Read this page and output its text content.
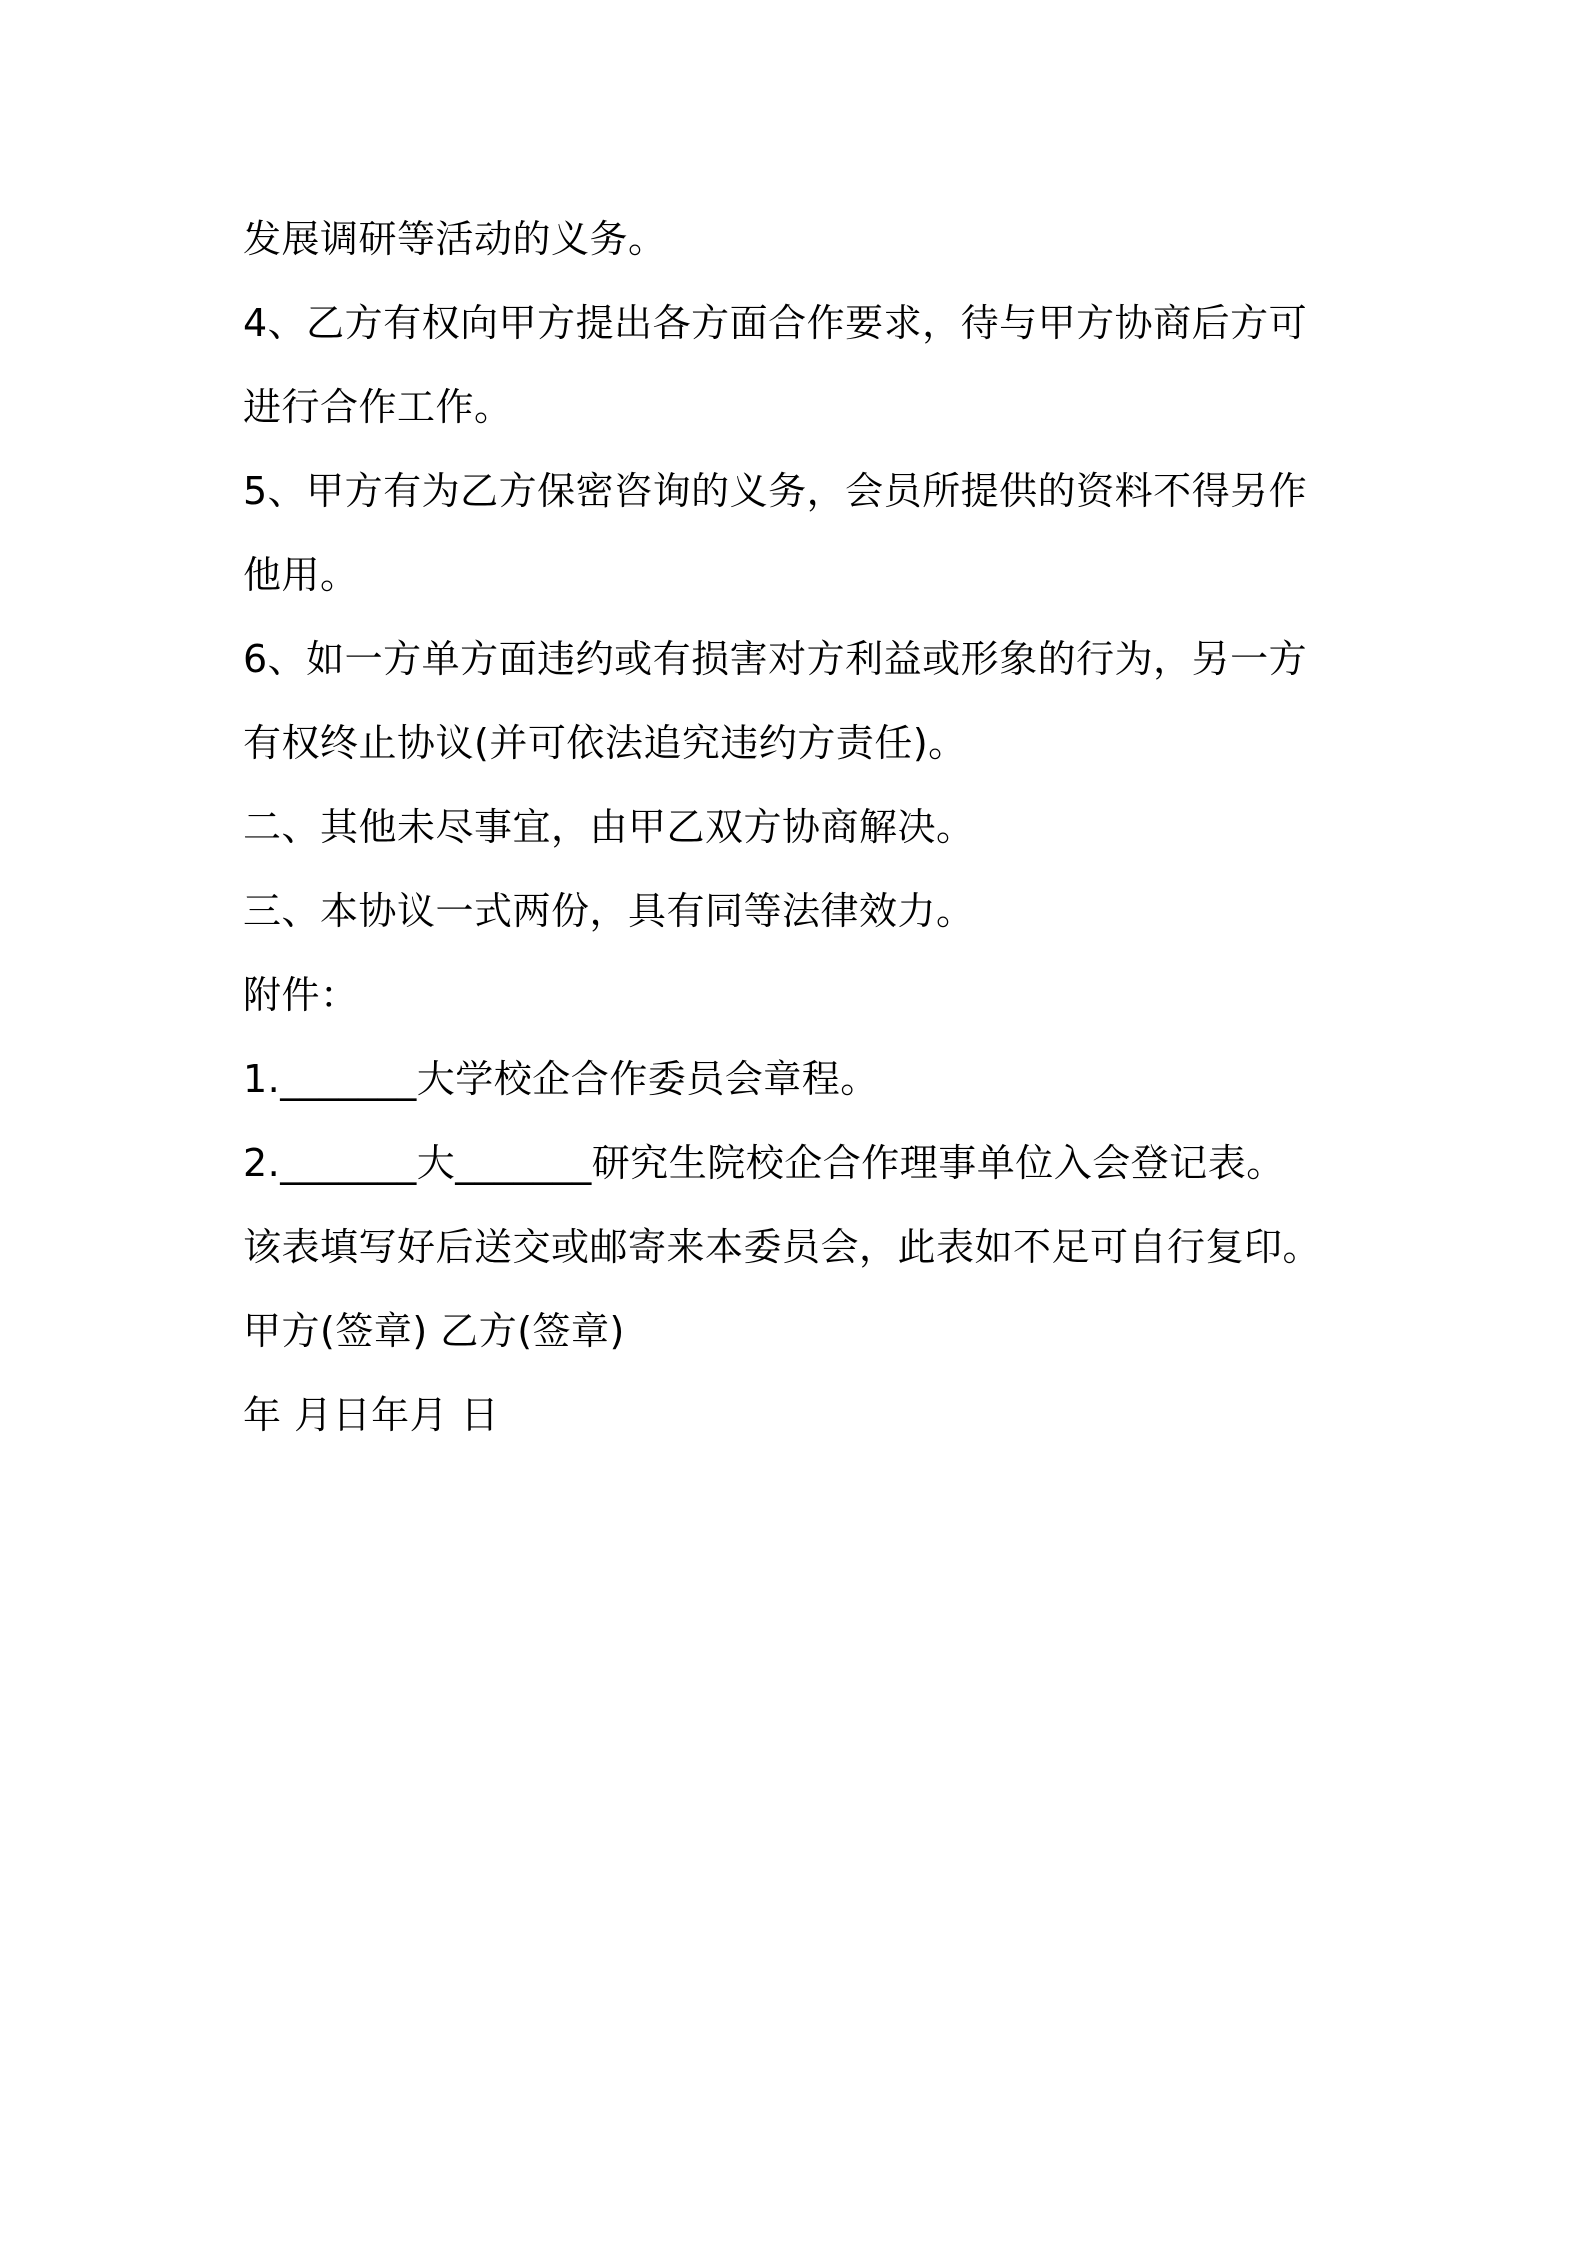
发展调研等活动的义务。
4、乙方有权向甲方提出各方面合作要求，待与甲方协商后方可
进行合作工作。
5、甲方有为乙方保密咨询的义务，会员所提供的资料不得另作
他用。
6、如一方单方面违约或有损害对方利益或形象的行为，另一方
有权终止协议(并可依法追究违约方责任)。
二、其他未尽事宜，由甲乙双方协商解决。
三、本协议一式两份，具有同等法律效力。
附件：
1._______大学校企合作委员会章程。
2._______大_______研究生院校企合作理事单位入会登记表。
该表填写好后送交或邮寄来本委员会，此表如不足可自行复印。
甲方(签章) 乙方(签章)
年 月日年月 日
